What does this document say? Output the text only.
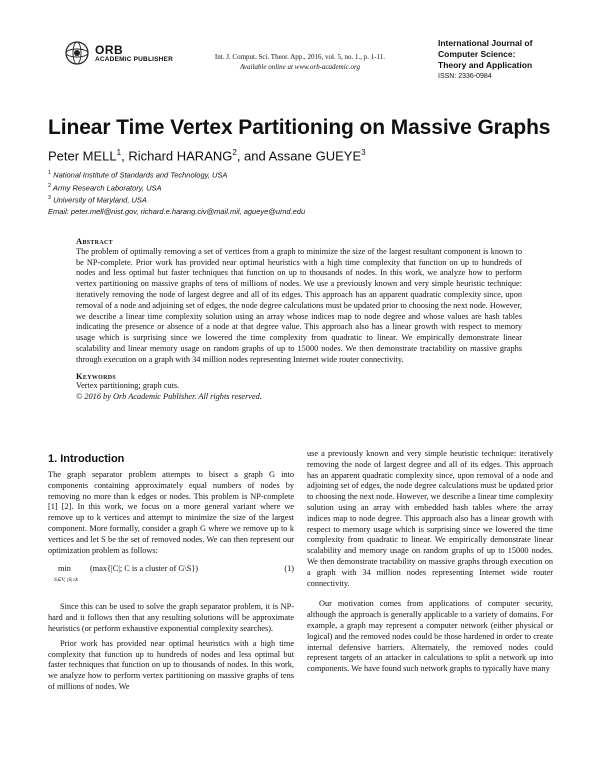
ORB
ACADEMIC PUBLISHER	Int. J. Comput. Sci. Theor. App., 2016, vol. 5, no. 1., p. 1-11.
Available online at www.orb-academic.org
International Journal of
Computer Science:
Theory and Application
ISSN: 2336-0984
Linear Time Vertex Partitioning on Massive Graphs
Peter MELL$^1$, Richard HARANG$^2$, and Assane GUEYE$^3$
$^1$ National Institute of Standards and Technology, USA
$^2$ Army Research Laboratory, USA
$^3$ University of Maryland, USA
Email: peter.mell@nist.gov, richard.e.harang.civ@mail.mil, agueye@umd.edu
Abstract
The problem of optimally removing a set of vertices from a graph to minimize the size of the largest resultant component is known to be NP-complete. Prior work has provided near optimal heuristics with a high time complexity that function on up to hundreds of nodes and less optimal but faster techniques that function on up to thousands of nodes. In this work, we analyze how to perform vertex partitioning on massive graphs of tens of millions of nodes. We use a previously known and very simple heuristic technique: iteratively removing the node of largest degree and all of its edges. This approach has an apparent quadratic complexity since, upon removal of a node and adjoining set of edges, the node degree calculations must be updated prior to choosing the next node. However, we describe a linear time complexity solution using an array whose indices map to node degree and whose values are hash tables indicating the presence or absence of a node at that degree value. This approach also has a linear growth with respect to memory usage which is surprising since we lowered the time complexity from quadratic to linear. We empirically demonstrate linear scalability and linear memory usage on random graphs of up to 15000 nodes. We then demonstrate tractability on massive graphs through execution on a graph with 34 million nodes representing Internet wide router connectivity.
Keywords
Vertex partitioning; graph cuts.
© 2016 by Orb Academic Publisher. All rights reserved.
1. Introduction

The graph separator problem attempts to bisect a graph G into components containing approximately equal numbers of nodes by removing no more than k edges or nodes. This problem is NP-complete [1] [2]. In this work, we focus on a more general variant where we remove up to k vertices and attempt to minimize the size of the largest component. More formally, consider a graph G where we remove up to k vertices and let S be the set of removed nodes. We can then represent our optimization problem as follows:

min
S⊆V, |S|≤k
(max{|C|; C is a cluster of G\S})	(1)

Since this can be used to solve the graph separator problem, it is NP-hard and it follows then that any resulting solutions will be approximate heuristics (or perform exhaustive exponential complexity searches).

Prior work has provided near optimal heuristics with a high time complexity that function up to hundreds of nodes and less optimal but faster techniques that function on up to thousands of nodes. In this work, we analyze how to perform vertex partitioning on massive graphs of tens of millions of nodes. We

use a previously known and very simple heuristic technique: iteratively removing the node of largest degree and all of its edges. This approach has an apparent quadratic complexity since, upon removal of a node and adjoining set of edges, the node degree calculations must be updated prior to choosing the next node. However, we describe a linear time complexity solution using an array with embedded hash tables where the array indices map to node degree. This approach also has a linear growth with respect to memory usage which is surprising since we lowered the time complexity from quadratic to linear. We empirically demonstrate linear scalability and memory usage on random graphs of up to 15000 nodes. We then demonstrate tractability on massive graphs through execution on a graph with 34 million nodes representing Internet wide router connectivity.

Our motivation comes from applications of computer security, although the approach is generally applicable to a variety of domains. For example, a graph may represent a computer network (either physical or logical) and the removed nodes could be those hardened in order to create internal defensive barriers. Alternately, the removed nodes could represent targets of an attacker in calculations to split a network up into components. We have found such network graphs to typically have many
